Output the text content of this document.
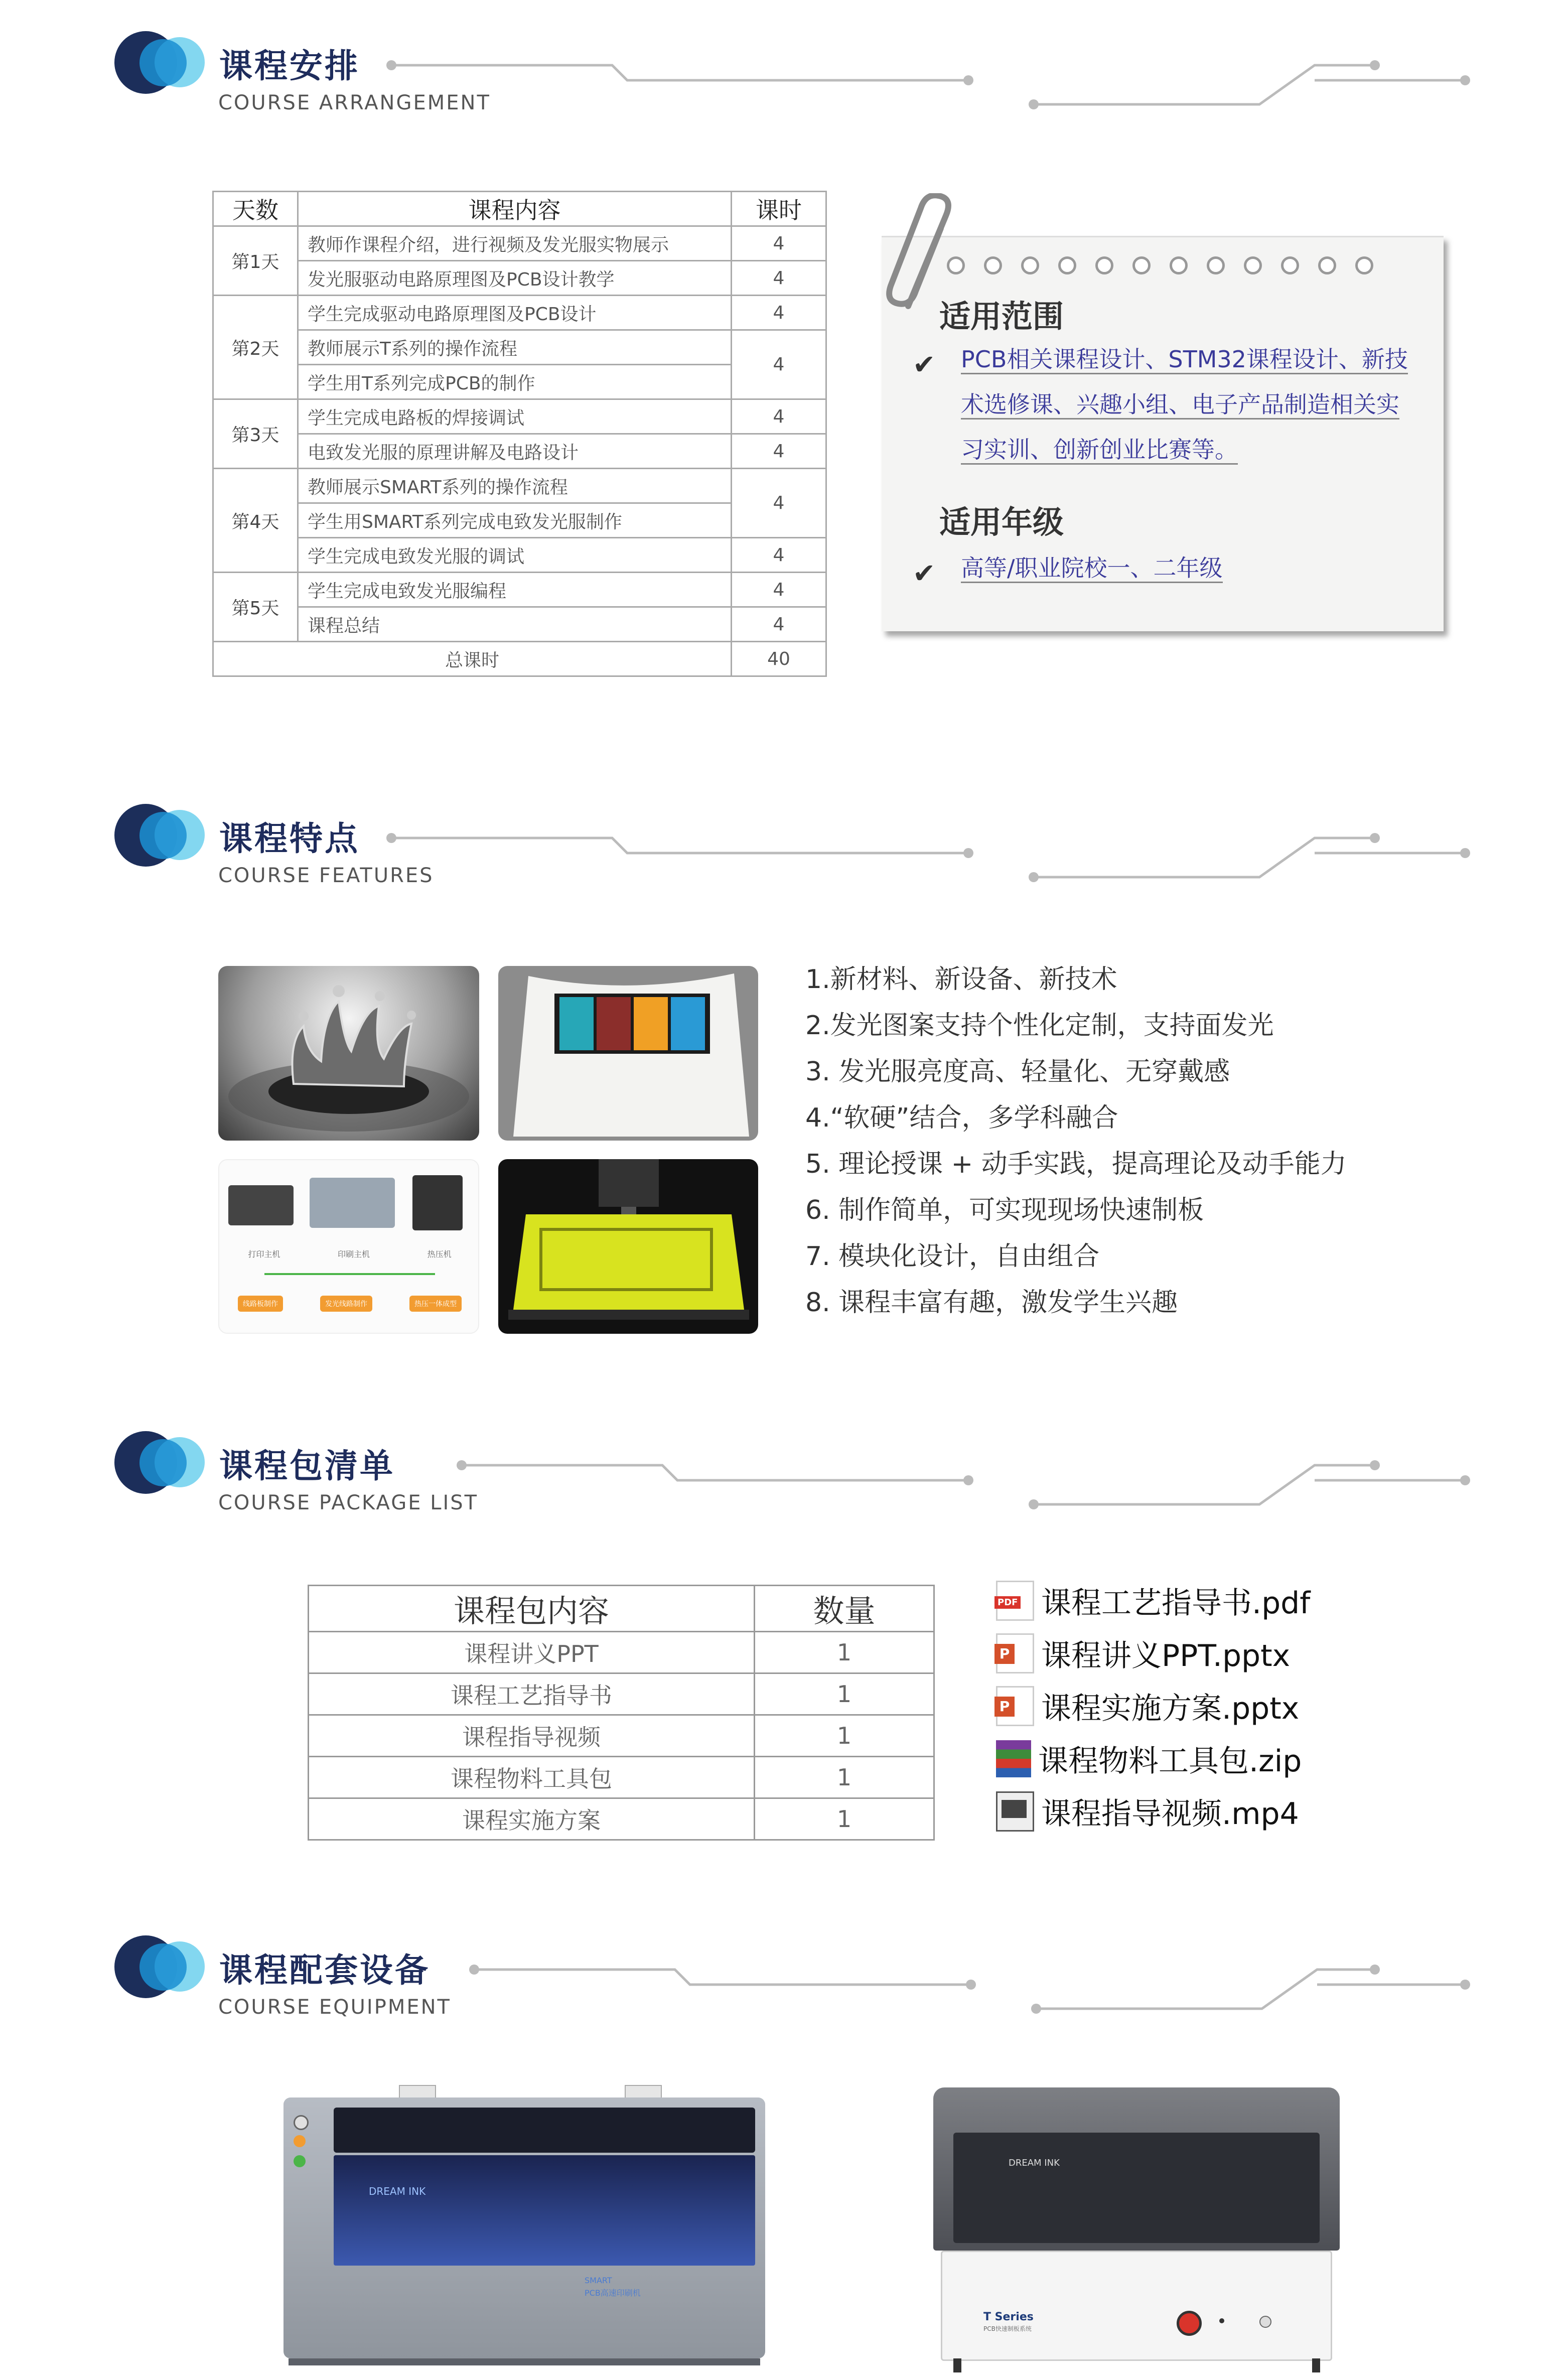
课程安排
COURSE ARRANGEMENT
天数	课程内容	课时
第1天	教师作课程介绍，进行视频及发光服实物展示	4
	发光服驱动电路原理图及PCB设计教学	4
第2天	学生完成驱动电路原理图及PCB设计	4
	教师展示T系列的操作流程	4
	学生用T系列完成PCB的制作	
第3天	学生完成电路板的焊接调试	4
	电致发光服的原理讲解及电路设计	4
第4天	教师展示SMART系列的操作流程	4
	学生用SMART系列完成电致发光服制作	
	学生完成电致发光服的调试	4
第5天	学生完成电致发光服编程	4
	课程总结	4
总课时		40
适用范围
✔ PCB相关课程设计、STM32课程设计、新技
术选修课、兴趣小组、电子产品制造相关实
习实训、创新创业比赛等。
适用年级
✔ 高等/职业院校一、二年级
课程特点
COURSE FEATURES
打印主机	印刷主机	热压机
线路板制作	发光线路制作	热压一体成型
1.新材料、新设备、新技术
2.发光图案支持个性化定制，支持面发光
3. 发光服亮度高、轻量化、无穿戴感
4.“软硬”结合，多学科融合
5. 理论授课 + 动手实践，提高理论及动手能力
6. 制作简单，可实现现场快速制板
7. 模块化设计，自由组合
8. 课程丰富有趣，激发学生兴趣
课程包清单
COURSE PACKAGE LIST
课程包内容	数量
课程讲义PPT	1
课程工艺指导书	1
课程指导视频	1
课程物料工具包	1
课程实施方案	1
PDF 课程工艺指导书.pdf
P 课程讲义PPT.pptx
P 课程实施方案.pptx
课程物料工具包.zip
课程指导视频.mp4
课程配套设备
COURSE EQUIPMENT
DREAM INK
SMART
PCB高速印刷机
DREAM INK
T Series
PCB快速制板系统
